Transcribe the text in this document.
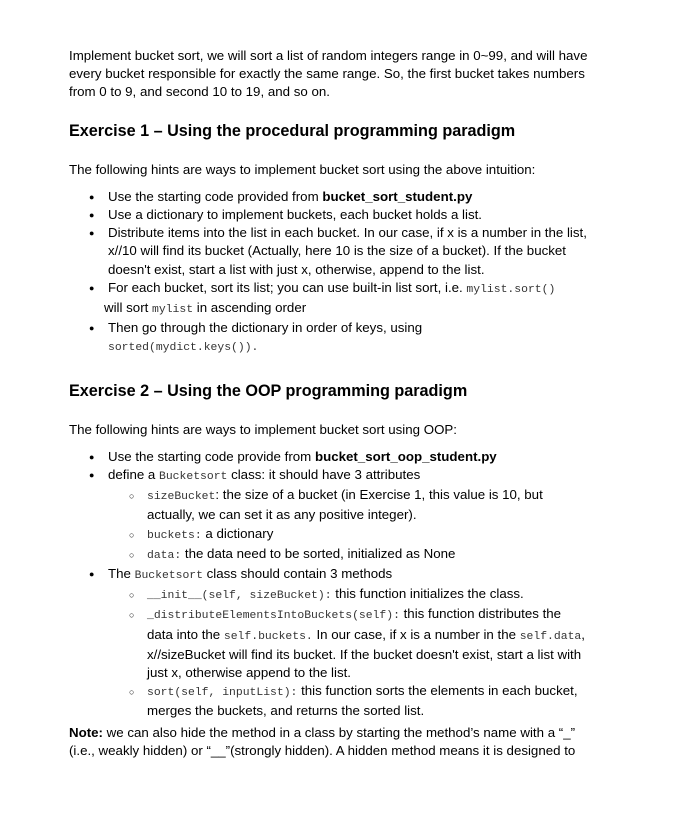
Implement bucket sort, we will sort a list of random integers range in 0~99, and will have every bucket responsible for exactly the same range. So, the first bucket takes numbers from 0 to 9, and second 10 to 19, and so on.

Exercise 1 – Using the procedural programming paradigm

The following hints are ways to implement bucket sort using the above intuition:

● Use the starting code provided from bucket_sort_student.py
● Use a dictionary to implement buckets, each bucket holds a list.
● Distribute items into the list in each bucket. In our case, if x is a number in the list, x//10 will find its bucket (Actually, here 10 is the size of a bucket). If the bucket doesn't exist, start a list with just x, otherwise, append to the list.
● For each bucket, sort its list; you can use built-in list sort, i.e. mylist.sort()
will sort mylist in ascending order
● Then go through the dictionary in order of keys, using
sorted(mydict.keys()).
Exercise 2 – Using the OOP programming paradigm

The following hints are ways to implement bucket sort using OOP:

● Use the starting code provide from bucket_sort_oop_student.py
● define a Bucketsort class: it should have 3 attributes
○ sizeBucket: the size of a bucket (in Exercise 1, this value is 10, but actually, we can set it as any positive integer).
○ buckets: a dictionary
○ data: the data need to be sorted, initialized as None
● The Bucketsort class should contain 3 methods
○ __init__(self, sizeBucket): this function initializes the class.
○ _distributeElementsIntoBuckets(self): this function distributes the data into the self.buckets. In our case, if x is a number in the self.data, x//sizeBucket will find its bucket. If the bucket doesn't exist, start a list with just x, otherwise append to the list.
○ sort(self, inputList): this function sorts the elements in each bucket, merges the buckets, and returns the sorted list.

Note: we can also hide the method in a class by starting the method’s name with a “_” (i.e., weakly hidden) or “__”(strongly hidden). A hidden method means it is designed to
